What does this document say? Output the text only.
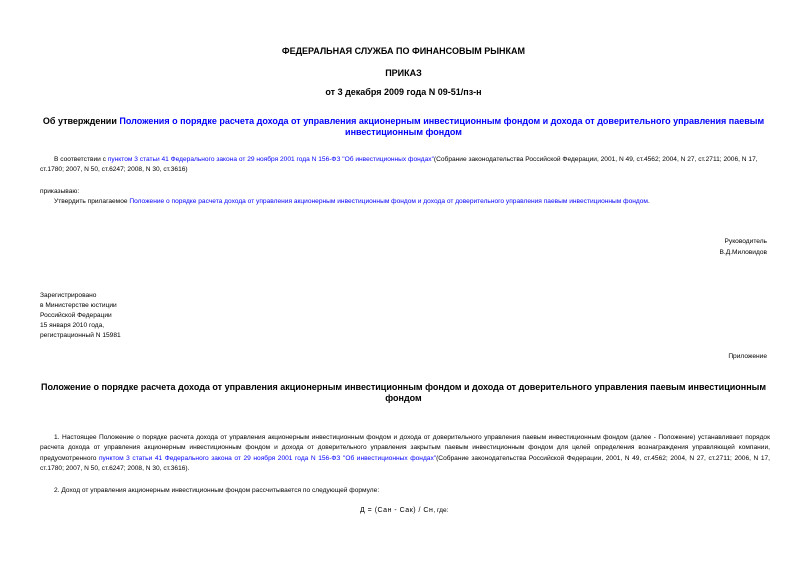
ФЕДЕРАЛЬНАЯ СЛУЖБА ПО ФИНАНСОВЫМ РЫНКАМ
ПРИКАЗ
от 3 декабря 2009 года N 09-51/пз-н
Об утверждении Положения о порядке расчета дохода от управления акционерным инвестиционным фондом и дохода от доверительного управления паевым инвестиционным фондом
В соответствии с пунктом 3 статьи 41 Федерального закона от 29 ноября 2001 года N 156-ФЗ "Об инвестиционных фондах"(Собрание законодательства Российской Федерации, 2001, N 49, ст.4562; 2004, N 27, ст.2711; 2006, N 17, ст.1780; 2007, N 50, ст.6247; 2008, N 30, ст.3616)
приказываю:
Утвердить прилагаемое Положение о порядке расчета дохода от управления акционерным инвестиционным фондом и дохода от доверительного управления паевым инвестиционным фондом.
Руководитель
В.Д.Миловидов
Зарегистрировано
в Министерстве юстиции
Российской Федерации
15 января 2010 года,
регистрационный N 15981
Приложение
Положение о порядке расчета дохода от управления акционерным инвестиционным фондом и дохода от доверительного управления паевым инвестиционным фондом
1. Настоящее Положение о порядке расчета дохода от управления акционерным инвестиционным фондом и дохода от доверительного управления паевым инвестиционным фондом (далее - Положение) устанавливает порядок расчета дохода от управления акционерным инвестиционным фондом и дохода от доверительного управления закрытым паевым инвестиционным фондом для целей определения вознаграждения управляющей компании, предусмотренного пунктом 3 статьи 41 Федерального закона от 29 ноября 2001 года N 156-ФЗ "Об инвестиционных фондах"(Собрание законодательства Российской Федерации, 2001, N 49, ст.4562; 2004, N 27, ст.2711; 2006, N 17, ст.1780; 2007, N 50, ст.6247; 2008, N 30, ст.3616).
2. Доход от управления акционерным инвестиционным фондом рассчитывается по следующей формуле:
Д = (Сан - Сак) / Сн, где:
